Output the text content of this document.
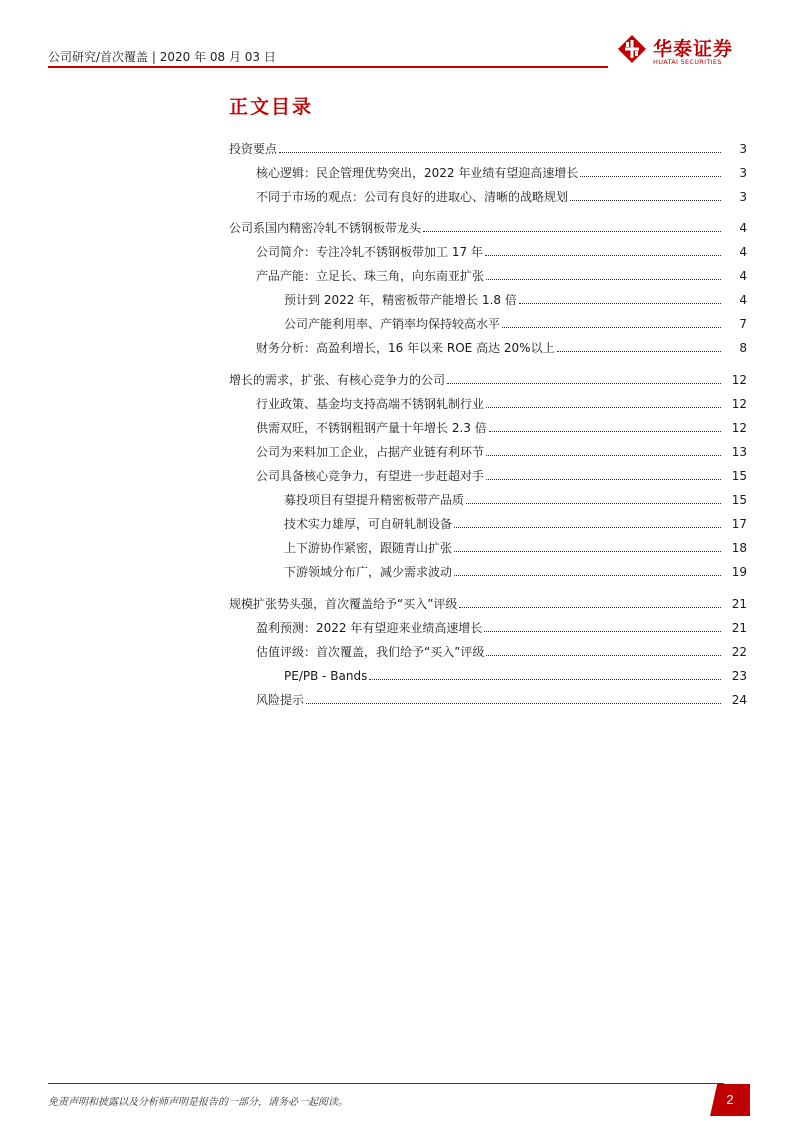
公司研究/首次覆盖 | 2020 年 08 月 03 日	华泰证券
HUATAI SECURITIES
正文目录
投资要点	3
核心逻辑：民企管理优势突出，2022 年业绩有望迎高速增长	3
不同于市场的观点：公司有良好的进取心、清晰的战略规划	3
公司系国内精密冷轧不锈钢板带龙头	4
公司简介：专注冷轧不锈钢板带加工 17 年	4
产品产能：立足长、珠三角，向东南亚扩张	4
预计到 2022 年，精密板带产能增长 1.8 倍	4
公司产能利用率、产销率均保持较高水平	7
财务分析：高盈利增长，16 年以来 ROE 高达 20%以上	8
增长的需求，扩张、有核心竞争力的公司	12
行业政策、基金均支持高端不锈钢轧制行业	12
供需双旺，不锈钢粗钢产量十年增长 2.3 倍	12
公司为来料加工企业，占据产业链有利环节	13
公司具备核心竞争力，有望进一步赶超对手	15
募投项目有望提升精密板带产品质	15
技术实力雄厚，可自研轧制设备	17
上下游协作紧密，跟随青山扩张	18
下游领域分布广，减少需求波动	19
规模扩张势头强，首次覆盖给予“买入”评级	21
盈利预测：2022 年有望迎来业绩高速增长	21
估值评级：首次覆盖，我们给予“买入”评级	22
PE/PB - Bands	23
风险提示	24
免责声明和披露以及分析师声明是报告的一部分，请务必一起阅读。	2
